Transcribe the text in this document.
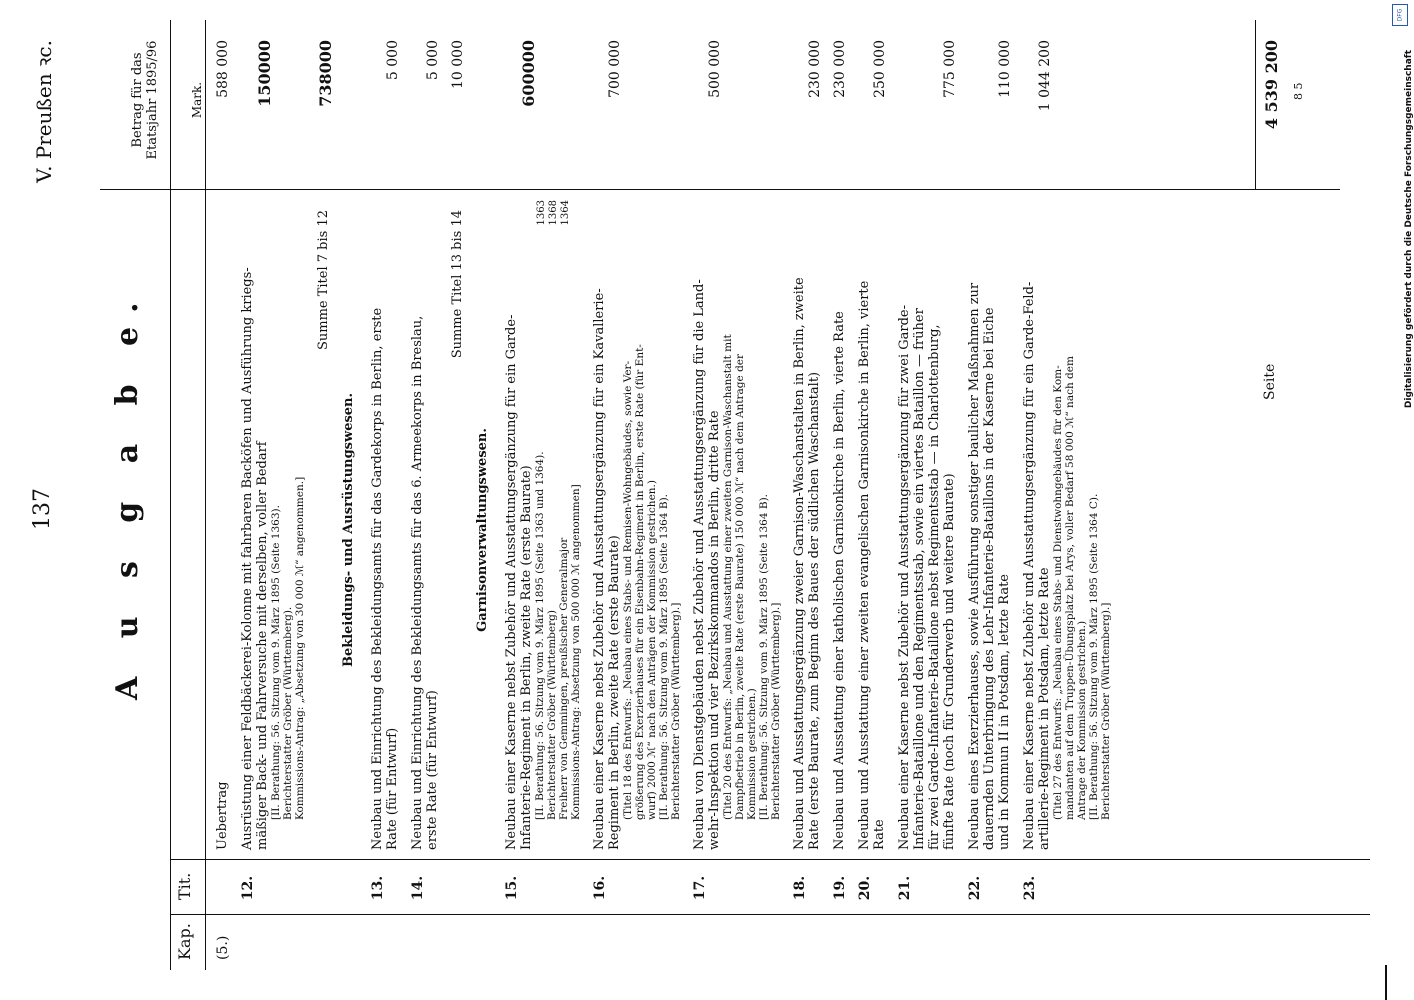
137
V. Preußen ꝛc.
A u s g a b e.
Kap.
Tit.
Betrag für das Etatsjahr 1895/96	Mark.
(5.)
Uebertrag
588 000
12.
Ausrüstung einer Feldbäckerei-Kolonne mit fahrbaren Backöfen und Ausführung kriegs- mäßiger Back- und Fahrversuche mit derselben, voller Bedarf [II. Berathung: 56. Sitzung vom 9. März 1895 (Seite 1363). Berichterstatter Gröber (Württemberg). Kommissions-Antrag: „Absetzung von 30 000 ℳ“ angenommen.]
150000
Summe Titel 7 bis 12
738000
Bekleidungs- und Ausrüstungswesen.
13.
Neubau und Einrichtung des Bekleidungsamts für das Gardekorps in Berlin, erste Rate (für Entwurf)
5 000
14.
Neubau und Einrichtung des Bekleidungsamts für das 6. Armeekorps in Breslau, erste Rate (für Entwurf)
5 000
Summe Titel 13 bis 14
10 000
Garnisonverwaltungswesen.
15.
Neubau einer Kaserne nebst Zubehör und Ausstattungsergänzung für ein Garde- Infanterie-Regiment in Berlin, zweite Rate (erste Baurate) [II. Berathung: 56. Sitzung vom 9. März 1895 (Seite 1363 und 1364). Berichterstatter Gröber (Württemberg) Freiherr von Gemmingen, preußischer Generalmajor Kommissions-Antrag: Absetzung von 500 000 ℳ angenommen]
1363 1368 1364
600000
16.
Neubau einer Kaserne nebst Zubehör und Ausstattungsergänzung für ein Kavallerie- Regiment in Berlin, zweite Rate (erste Baurate) (Titel 18 des Entwurfs: „Neubau eines Stabs- und Remisen-Wohngebäudes, sowie Ver- größerung des Exerzierhauses für ein Eisenbahn-Regiment in Berlin, erste Rate (für Ent- wurf) 2000 ℳ“ nach den Anträgen der Kommission gestrichen.) [II. Berathung: 56. Sitzung vom 9. März 1895 (Seite 1364 B). Berichterstatter Gröber (Württemberg).]
700 000
17.
Neubau von Dienstgebäuden nebst Zubehör und Ausstattungsergänzung für die Land- wehr-Inspektion und vier Bezirkskommandos in Berlin, dritte Rate (Titel 20 des Entwurfs: „Neubau und Ausstattung einer zweiten Garnison-Waschanstalt mit Dampfbetrieb in Berlin, zweite Rate (erste Baurate) 150 000 ℳ“ nach dem Antrage der Kommission gestrichen.) [II. Berathung: 56. Sitzung vom 9. März 1895 (Seite 1364 B). Berichterstatter Gröber (Württemberg).]
500 000
18.
Neubau und Ausstattungsergänzung zweier Garnison-Waschanstalten in Berlin, zweite Rate (erste Baurate, zum Beginn des Baues der südlichen Waschanstalt)
230 000
19.
Neubau und Ausstattung einer katholischen Garnisonkirche in Berlin, vierte Rate
230 000
20.
Neubau und Ausstattung einer zweiten evangelischen Garnisonkirche in Berlin, vierte Rate
250 000
21.
Neubau einer Kaserne nebst Zubehör und Ausstattungsergänzung für zwei Garde- Infanterie-Bataillone und den Regimentsstab, sowie ein viertes Bataillon — früher für zwei Garde-Infanterie-Bataillone nebst Regimentsstab — in Charlottenburg, fünfte Rate (noch für Grunderwerb und weitere Baurate)
775 000
22.
Neubau eines Exerzierhauses, sowie Ausführung sonstiger baulicher Maßnahmen zur dauernden Unterbringung des Lehr-Infanterie-Bataillons in der Kaserne bei Eiche und in Kommun II in Potsdam, letzte Rate
110 000
23.
Neubau einer Kaserne nebst Zubehör und Ausstattungsergänzung für ein Garde-Feld- artillerie-Regiment in Potsdam, letzte Rate (Titel 27 des Entwurfs: „Neubau eines Stabs- und Dienstwohngebäudes für den Kom- mandanten auf dem Truppen-Übungsplatz bei Arys, voller Bedarf 58 000 ℳ“ nach dem Antrage der Kommission gestrichen.) [II. Berathung: 56. Sitzung vom 9. März 1895 (Seite 1364 C). Berichterstatter Gröber (Württemberg).]
1 044 200
Seite
4 539 200 8 5	Digitalisierung gefördert durch die Deutsche Forschungsgemeinschaft
DFG
